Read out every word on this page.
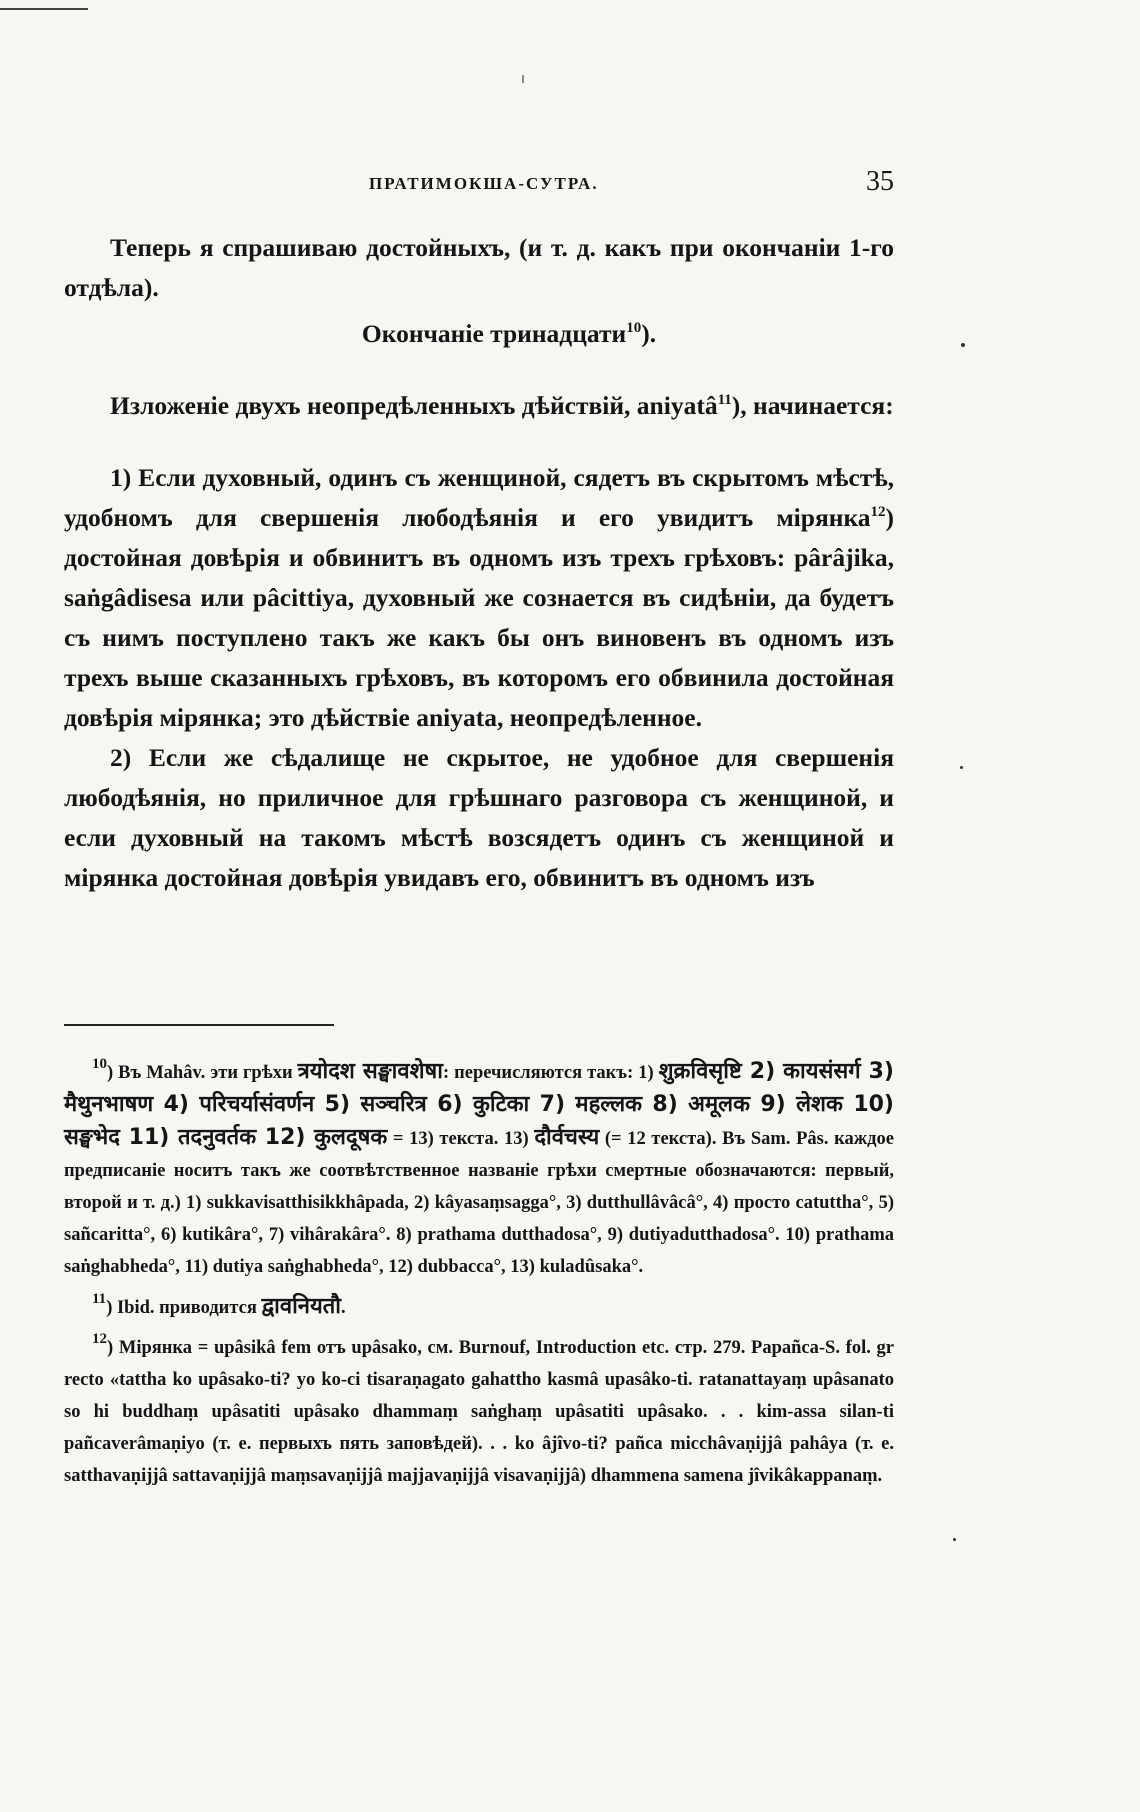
ПРАТИМОКША-СУТРА.	35

Теперь я спрашиваю достойныхъ, (и т. д. какъ при окончаніи 1-го отдѣла).

Окончаніе тринадцати$^{10}$).

Изложеніе двухъ неопредѣленныхъ дѣйствій, aniyatâ$^{11}$), начинается:

1) Если духовный, одинъ съ женщиной, сядетъ въ скрытомъ мѣстѣ, удобномъ для свершенія любодѣянія и его увидитъ мірянка$^{12}$) достойная довѣрія и обвинитъ въ одномъ изъ трехъ грѣховъ: pârâjika, saṅgâdisesa или pâcittiya, духовный же сознается въ сидѣніи, да будетъ съ нимъ поступлено такъ же какъ бы онъ виновенъ въ одномъ изъ трехъ выше сказанныхъ грѣховъ, въ которомъ его обвинила достойная довѣрія мірянка; это дѣйствіе aniyata, неопредѣленное.

2) Если же сѣдалище не скрытое, не удобное для свершенія любодѣянія, но приличное для грѣшнаго разговора съ женщиной, и если духовный на такомъ мѣстѣ возсядетъ одинъ съ женщиной и мірянка достойная довѣрія увидавъ его, обвинитъ въ одномъ изъ

$^{10}$) Въ Mahâv. эти грѣхи त्रयोदश सङ्घावशेषा: перечисляются такъ: 1) शुक्रविसृष्टि 2) कायसंसर्ग 3) मैथुनभाषण 4) परिचर्यासंवर्णन 5) सञ्चरित्र 6) कुटिका 7) महल्लक 8) अमूलक 9) लेशक 10) सङ्घभेद 11) तदनुवर्तक 12) कुलदूषक = 13) текста. 13) दौर्वचस्य (= 12 текста). Въ Sam. Pâs. каждое предписаніе носитъ такъ же соотвѣтственное названіе грѣхи смертные обозначаются: первый, второй и т. д.) 1) sukkavisatthisikkhâpada, 2) kâyasaṃsagga°, 3) dutthullâvâcâ°, 4) просто catuttha°, 5) sañcaritta°, 6) kutikâra°, 7) vihârakâra°. 8) prathama dutthadosa°, 9) dutiyadutthadosa°. 10) prathama saṅghabheda°, 11) dutiya saṅghabheda°, 12) dubbacca°, 13) kuladûsaka°.

$^{11}$) Ibid. приводится द्वावनियतौ.

$^{12}$) Мірянка = upâsikâ fem отъ upâsako, см. Burnouf, Introduction etc. стр. 279. Papañca-S. fol. gr recto «tattha ko upâsako-ti? yo ko-ci tisaraṇagato gahattho kasmâ upasâko-ti. ratanattayaṃ upâsanato so hi buddhaṃ upâsatiti upâsako dhammaṃ saṅghaṃ upâsatiti upâsako. . . kim-assa silan-ti pañcaverâmaṇiyo (т. е. первыхъ пять заповѣдей). . . ko âjîvo-ti? pañca micchâvaṇijjâ pahâya (т. е. satthavaṇijjâ sattavaṇijjâ maṃsavaṇijjâ majjavaṇijjâ visavaṇijjâ) dhammena samena jîvikâkappanaṃ.
